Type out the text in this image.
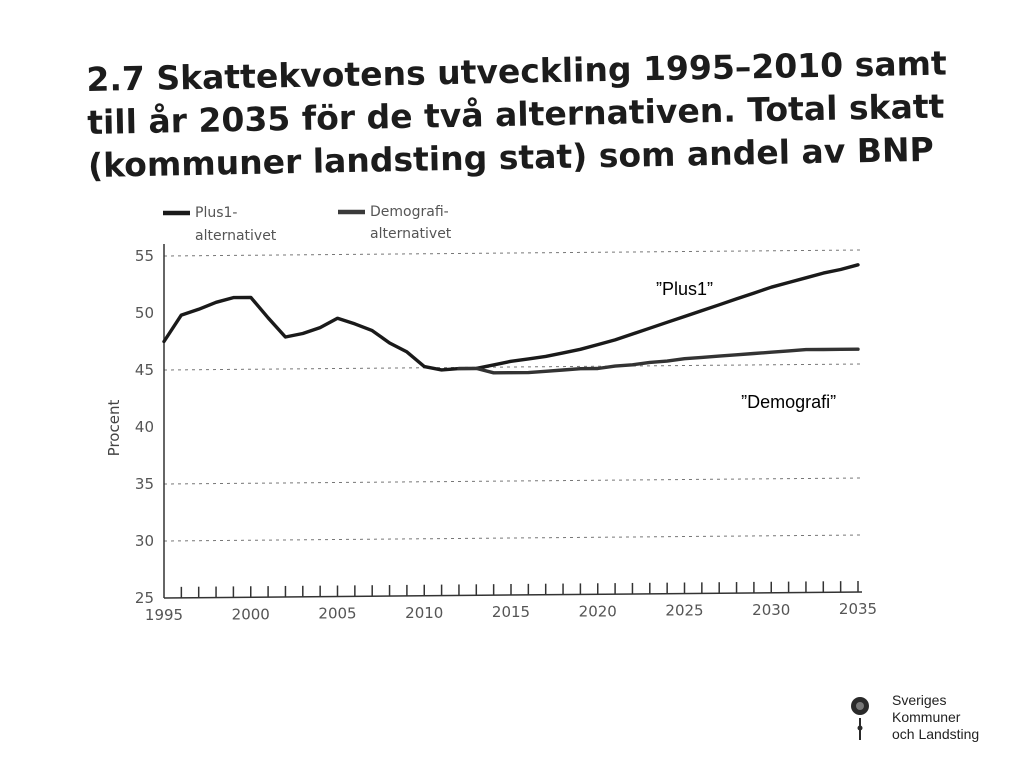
2.7 Skattekvotens utveckling 1995–2010 samt
till år 2035 för de två alternativen. Total skatt
(kommuner landsting stat) som andel av BNP
Plus1-
alternativet
Demografi-
alternativet
25
30
35
40
45
50
55
1995	2000	2005	2010	2015	2020	2025	2030	2035
Procent
”Plus1”
”Demografi”
Sveriges
Kommuner
och Landsting
